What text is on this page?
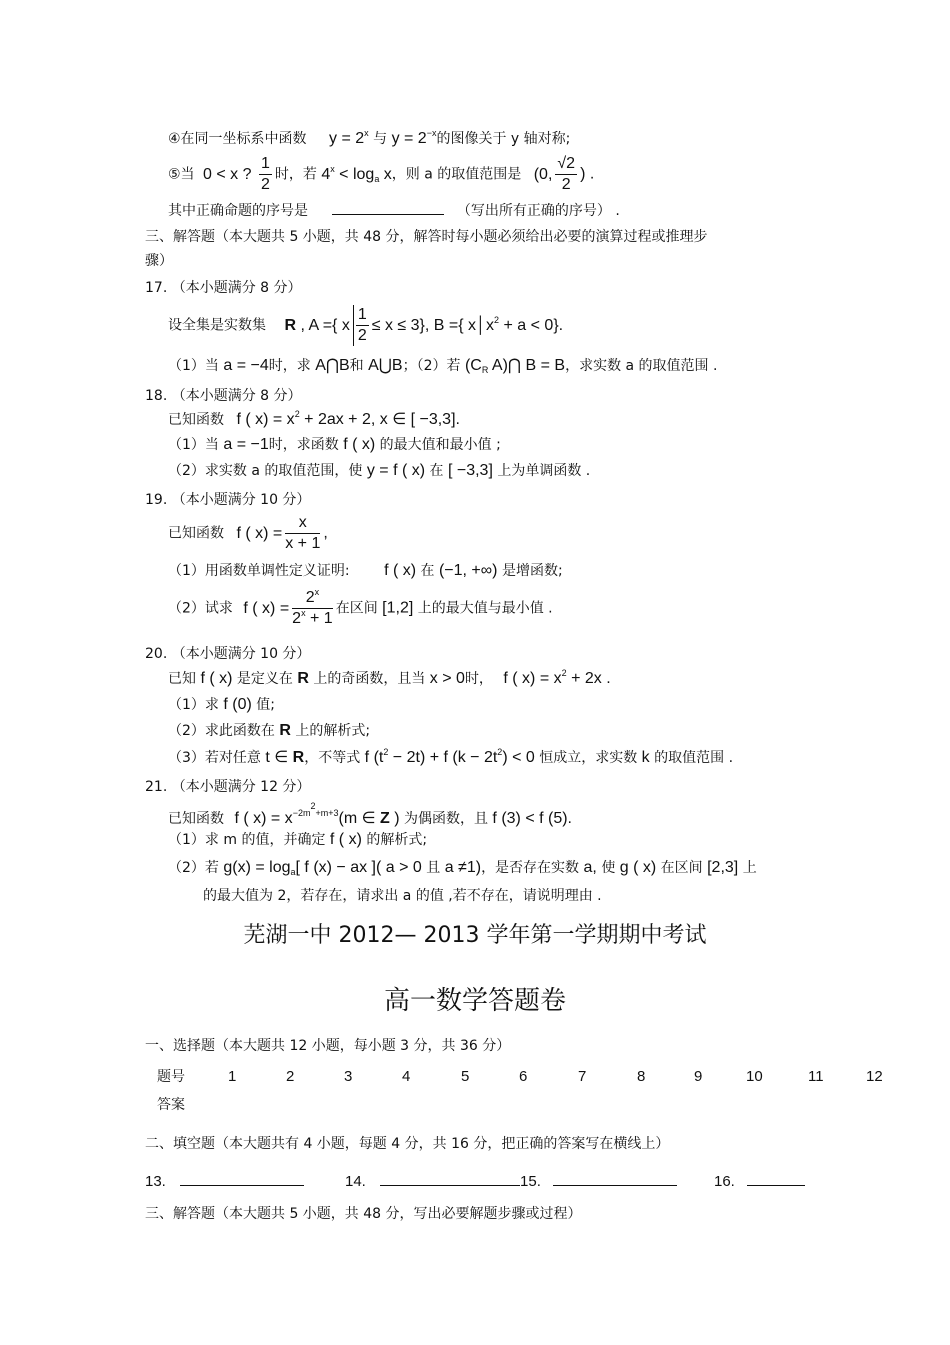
④在同一坐标系中函数 $y = 2^x$ 与 $y = 2^{-x}$的图像关于 y 轴对称;
⑤当 0 < x ? $\frac{1}{2}$ 时，若 $4^x < \log_a x$，则 a 的取值范围是 (0, $\frac{√2}{2}$ ) .
其中正确命题的序号是	（写出所有正确的序号） .
三、解答题（本大题共 5 小题，共 48 分，解答时每小题必须给出必要的演算过程或推理步
骤）
17. （本小题满分 8 分）
设全集是实数集 R , A ={ x $\frac{1}{2} \le x \le 3$}, B ={ $x│x^2 + a < 0$}.
（1）当 a = −4时，求 A⋂B和 A⋃B；（2）若 ($C_R$ A)⋂ B = B，求实数 a 的取值范围 .
18. （本小题满分 8 分）
已知函数 f ( $x) = x^2 + 2ax + 2$, x ∈ [ −3,3].
（1）当 a = −1时，求函数 f ( x) 的最大值和最小值 ;
（2）求实数 a 的取值范围，使 y = f ( x) 在 [ −3,3] 上为单调函数 .
19. （本小题满分 10 分）
已知函数 f ( $x) = \frac{x}{x + 1}$ ,
（1）用函数单调性定义证明: f ( x) 在 (−1, +∞) 是增函数;
（2）试求 f ( $x) = \frac{2^x}{2^x + 1}$ 在区间 [1,2] 上的最大值与最小值 .
20. （本小题满分 10 分）
已知 f ( x) 是定义在 R 上的奇函数，且当 x > 0时， f ( $x) = x^2 + 2x$ .
（1）求 f (0) 值;
（2）求此函数在 R 上的解析式;
（3）若对任意 t ∈ R，不等式 f $(t^2 - 2t) + f$ $(k - 2t^2) < 0$ 恒成立，求实数 k 的取值范围 .
21. （本小题满分 12 分）
已知函数 f ( $x) = x^{-2m^2+m+3}(m$ ∈ Z ) 为偶函数，且 f (3) < f (5).
（1）求 m 的值，并确定 f ( x) 的解析式;
（2）若 $g(x) = \log_a$[ f (x) − ax ]( a > 0 且 a ≠1)，是否存在实数 a, 使 g ( x) 在区间 [2,3] 上
的最大值为 2，若存在，请求出 a 的值 ,若不存在，请说明理由 .
芜湖一中 2012— 2013 学年第一学期期中考试
高一数学答题卷
一、选择题（本大题共 12 小题，每小题 3 分，共 36 分）
题号	1	2	3	4	5	6	7	8	9	10	11	12
答案
二、填空题（本大题共有 4 小题，每题 4 分，共 16 分，把正确的答案写在横线上）
13.	14.	15.	16.
三、解答题（本大题共 5 小题，共 48 分，写出必要解题步骤或过程）
